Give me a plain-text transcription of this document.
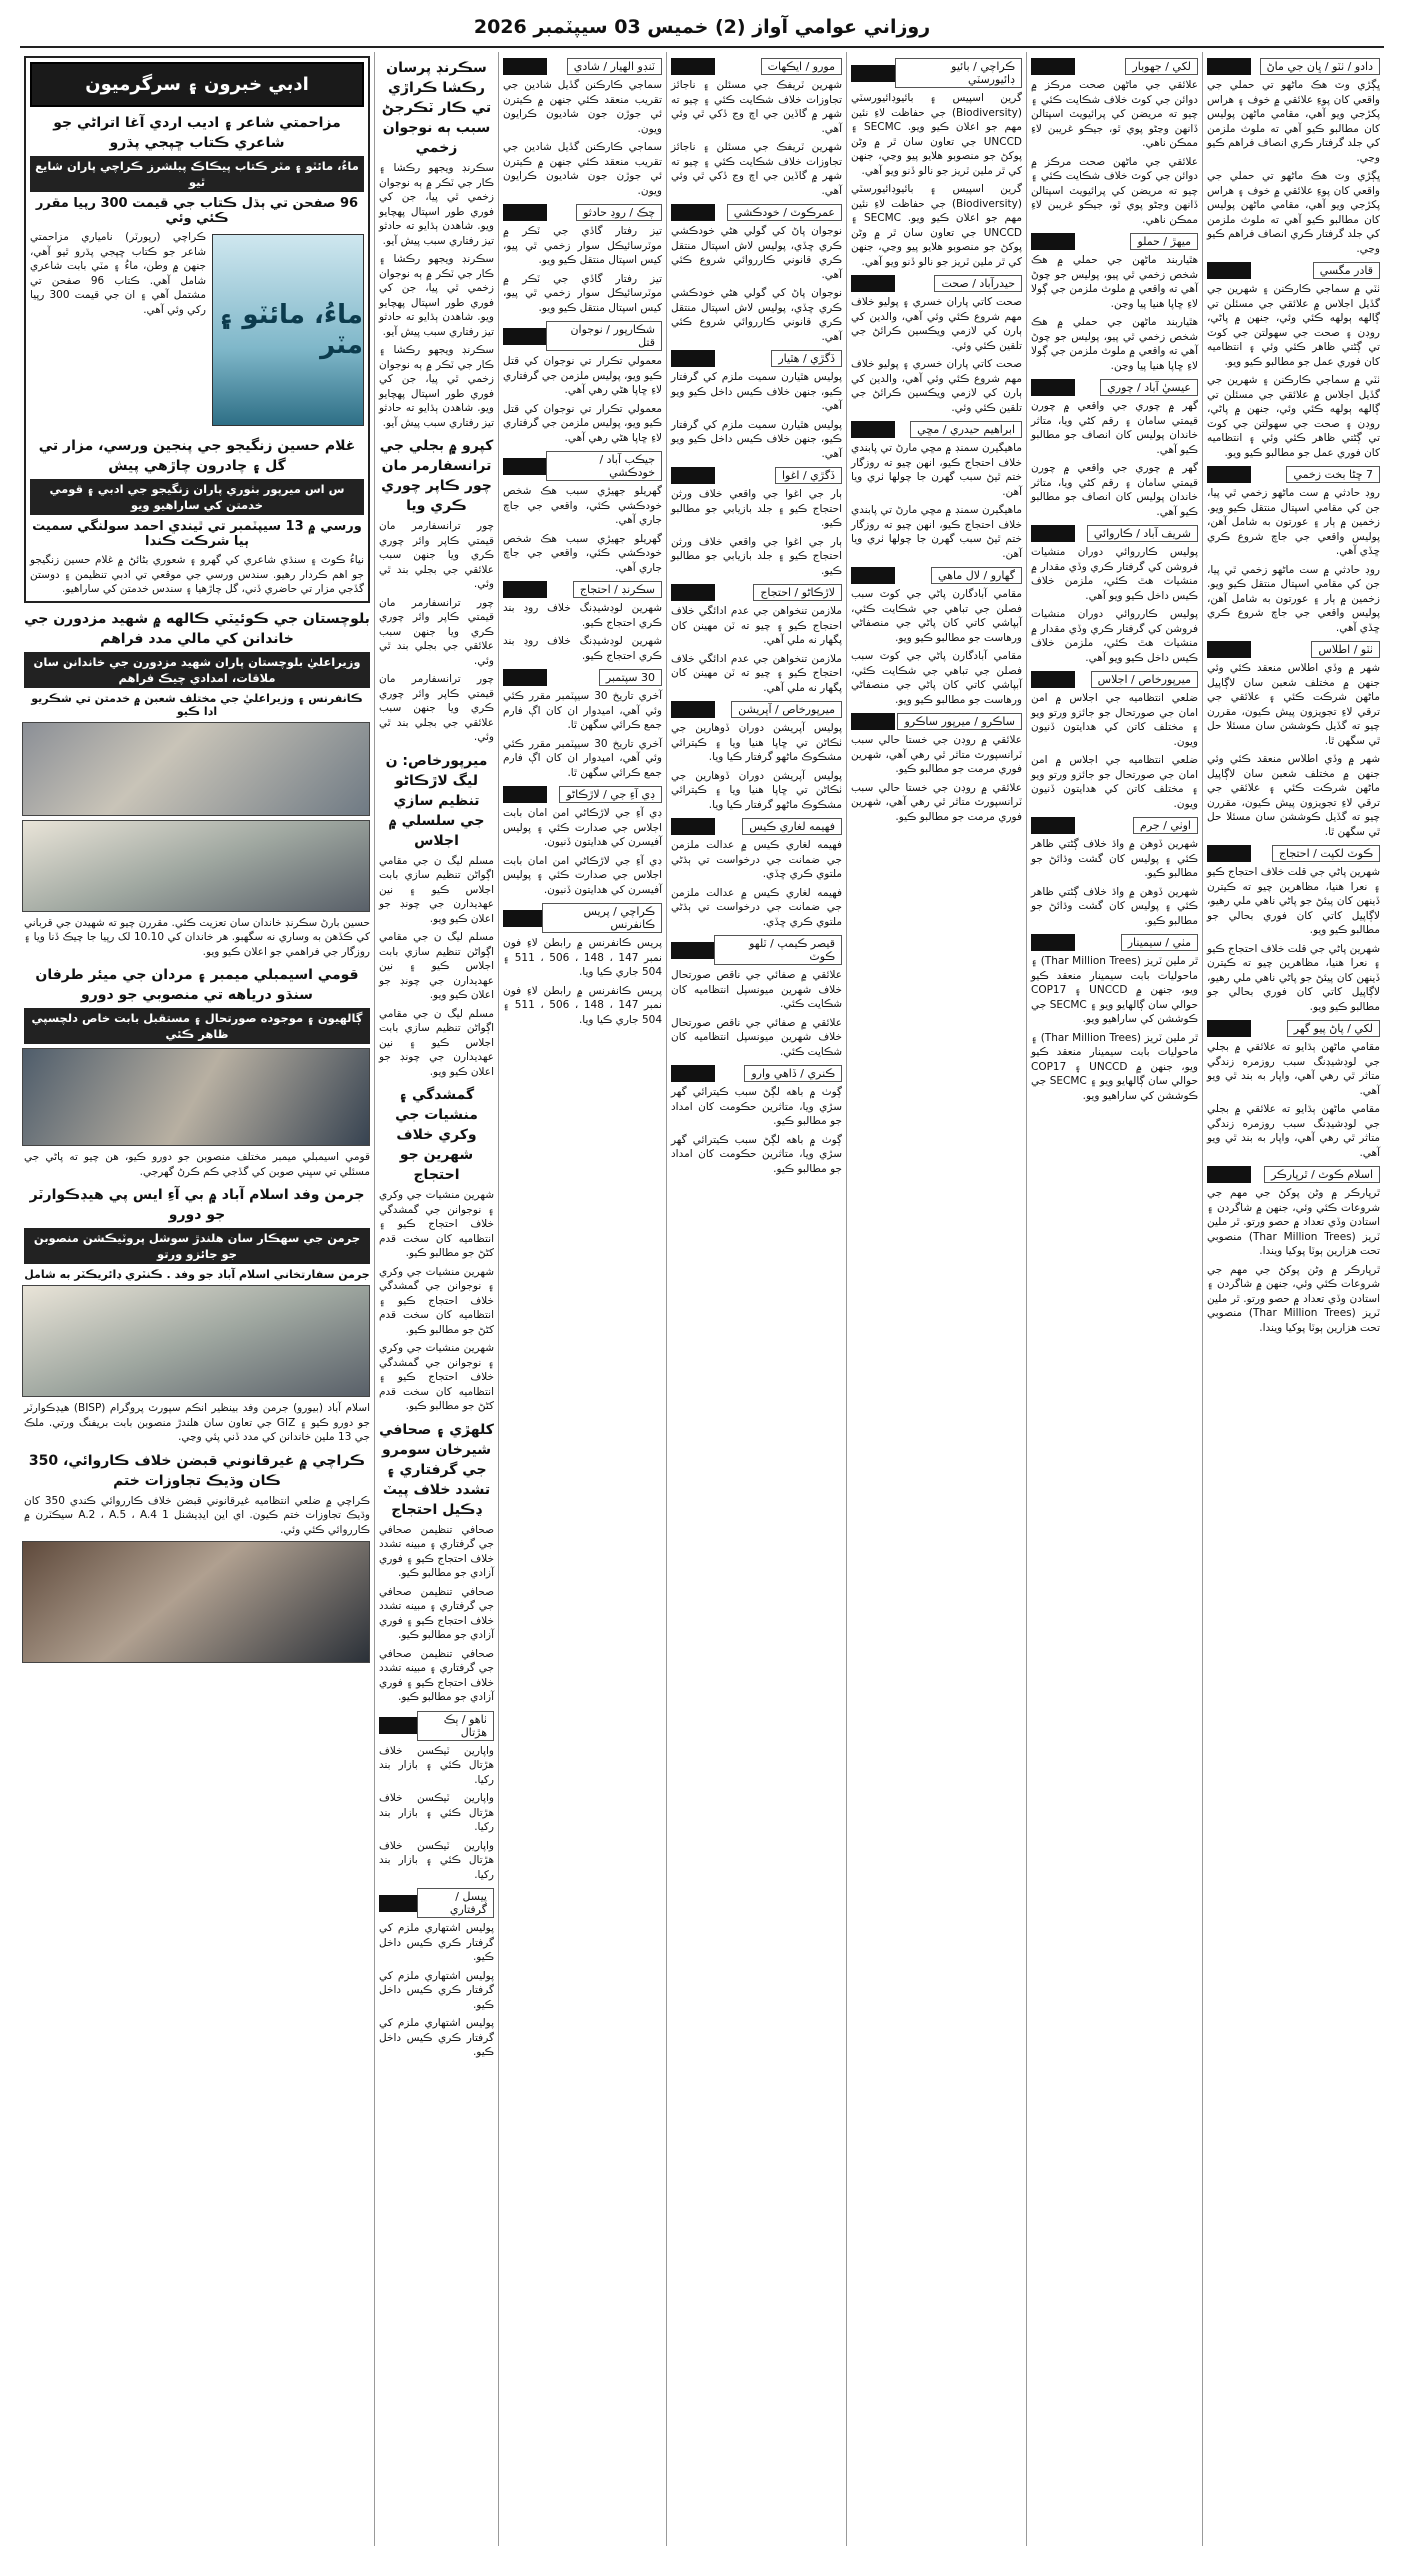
روزاني عوامي آواز (2) خميس 03 سيپٽمبر 2026
دادو / ٺٽو / ڀان جي ماڻ

ڀڳڙي وٽ هڪ ماڻهو تي حملي جي واقعي کان پوءِ علائقي ۾ خوف ۽ هراس پکڙجي ويو آهي، مقامي ماڻهن پوليس کان مطالبو ڪيو آهي ته ملوث ملزمن کي جلد گرفتار ڪري انصاف فراهم ڪيو وڃي.

ڀڳڙي وٽ هڪ ماڻهو تي حملي جي واقعي کان پوءِ علائقي ۾ خوف ۽ هراس پکڙجي ويو آهي، مقامي ماڻهن پوليس کان مطالبو ڪيو آهي ته ملوث ملزمن کي جلد گرفتار ڪري انصاف فراهم ڪيو وڃي.

قادر مگسي

ٺٽي ۾ سماجي ڪارڪنن ۽ شهرين جي گڏيل اجلاس ۾ علائقي جي مسئلن تي ڳالهه ٻولهه ڪئي وئي، جنهن ۾ پاڻي، روڊن ۽ صحت جي سهولتن جي کوٽ تي ڳڻتي ظاهر ڪئي وئي ۽ انتظاميه کان فوري عمل جو مطالبو ڪيو ويو.

ٺٽي ۾ سماجي ڪارڪنن ۽ شهرين جي گڏيل اجلاس ۾ علائقي جي مسئلن تي ڳالهه ٻولهه ڪئي وئي، جنهن ۾ پاڻي، روڊن ۽ صحت جي سهولتن جي کوٽ تي ڳڻتي ظاهر ڪئي وئي ۽ انتظاميه کان فوري عمل جو مطالبو ڪيو ويو.

7 ڇڻا بخت زخمي

روڊ حادثي ۾ ست ماڻهو زخمي ٿي پيا، جن کي مقامي اسپتال منتقل ڪيو ويو. زخمين ۾ ٻار ۽ عورتون به شامل آهن، پوليس واقعي جي جاچ شروع ڪري ڇڏي آهي.

روڊ حادثي ۾ ست ماڻهو زخمي ٿي پيا، جن کي مقامي اسپتال منتقل ڪيو ويو. زخمين ۾ ٻار ۽ عورتون به شامل آهن، پوليس واقعي جي جاچ شروع ڪري ڇڏي آهي.

ٺٽو / اطلاس

شهر ۾ وڏي اطلاس منعقد ڪئي وئي جنهن ۾ مختلف شعبن سان لاڳاپيل ماڻهن شرڪت ڪئي ۽ علائقي جي ترقي لاءِ تجويزون پيش ڪيون، مقررن چيو ته گڏيل ڪوششن سان مسئلا حل ٿي سگهن ٿا.

شهر ۾ وڏي اطلاس منعقد ڪئي وئي جنهن ۾ مختلف شعبن سان لاڳاپيل ماڻهن شرڪت ڪئي ۽ علائقي جي ترقي لاءِ تجويزون پيش ڪيون، مقررن چيو ته گڏيل ڪوششن سان مسئلا حل ٿي سگهن ٿا.

ڪوٽ لکپت / احتجاج

شهرين پاڻي جي قلت خلاف احتجاج ڪيو ۽ نعرا هنيا، مظاهرين چيو ته ڪيترن ڏينهن کان پيئڻ جو پاڻي ناهي ملي رهيو، لاڳاپيل کاتي کان فوري بحالي جو مطالبو ڪيو ويو.

شهرين پاڻي جي قلت خلاف احتجاج ڪيو ۽ نعرا هنيا، مظاهرين چيو ته ڪيترن ڏينهن کان پيئڻ جو پاڻي ناهي ملي رهيو، لاڳاپيل کاتي کان فوري بحالي جو مطالبو ڪيو ويو.

لکي / پاڻ پيو گهر

مقامي ماڻهن ٻڌايو ته علائقي ۾ بجلي جي لوڊشيڊنگ سبب روزمره زندگي متاثر ٿي رهي آهي، واپار به بند ٿي ويو آهي.

مقامي ماڻهن ٻڌايو ته علائقي ۾ بجلي جي لوڊشيڊنگ سبب روزمره زندگي متاثر ٿي رهي آهي، واپار به بند ٿي ويو آهي.

اسلام ڪوٽ / ٿرپارڪر

ٿرپارڪر ۾ وڻن پوکڻ جي مهم جي شروعات ڪئي وئي، جنهن ۾ شاگردن ۽ استادن وڏي تعداد ۾ حصو ورتو. ٿر ملين ٽريز (Thar Million Trees) منصوبي تحت هزارين ٻوٽا پوکيا ويندا.

ٿرپارڪر ۾ وڻن پوکڻ جي مهم جي شروعات ڪئي وئي، جنهن ۾ شاگردن ۽ استادن وڏي تعداد ۾ حصو ورتو. ٿر ملين ٽريز (Thar Million Trees) منصوبي تحت هزارين ٻوٽا پوکيا ويندا.

لکي / جهوبار

علائقي جي ماڻهن صحت مرڪز ۾ دوائن جي کوٽ خلاف شڪايت ڪئي ۽ چيو ته مريضن کي پرائيويٽ اسپتالن ڏانهن وڃڻو پوي ٿو، جيڪو غريبن لاءِ ممڪن ناهي.

علائقي جي ماڻهن صحت مرڪز ۾ دوائن جي کوٽ خلاف شڪايت ڪئي ۽ چيو ته مريضن کي پرائيويٽ اسپتالن ڏانهن وڃڻو پوي ٿو، جيڪو غريبن لاءِ ممڪن ناهي.

ميهڙ / حملو

هٿياربند ماڻهن جي حملي ۾ هڪ شخص زخمي ٿي پيو، پوليس جو چوڻ آهي ته واقعي ۾ ملوث ملزمن جي ڳولا لاءِ ڇاپا هنيا پيا وڃن.

هٿياربند ماڻهن جي حملي ۾ هڪ شخص زخمي ٿي پيو، پوليس جو چوڻ آهي ته واقعي ۾ ملوث ملزمن جي ڳولا لاءِ ڇاپا هنيا پيا وڃن.

عيسيٰ آباد / چوري

گهر ۾ چوري جي واقعي ۾ چورن قيمتي سامان ۽ رقم کڻي ويا، متاثر خاندان پوليس کان انصاف جو مطالبو ڪيو آهي.

گهر ۾ چوري جي واقعي ۾ چورن قيمتي سامان ۽ رقم کڻي ويا، متاثر خاندان پوليس کان انصاف جو مطالبو ڪيو آهي.

شريف آباد / ڪاروائي

پوليس ڪارروائي دوران منشيات فروشن کي گرفتار ڪري وڏي مقدار ۾ منشيات هٿ ڪئي، ملزمن خلاف ڪيس داخل ڪيو ويو آهي.

پوليس ڪارروائي دوران منشيات فروشن کي گرفتار ڪري وڏي مقدار ۾ منشيات هٿ ڪئي، ملزمن خلاف ڪيس داخل ڪيو ويو آهي.

ميرپورخاص / اجلاس

ضلعي انتظاميه جي اجلاس ۾ امن امان جي صورتحال جو جائزو ورتو ويو ۽ مختلف کاتن کي هدايتون ڏنيون ويون.

ضلعي انتظاميه جي اجلاس ۾ امن امان جي صورتحال جو جائزو ورتو ويو ۽ مختلف کاتن کي هدايتون ڏنيون ويون.

اوٺي / جرم

شهرين ڏوهن ۾ واڌ خلاف ڳڻتي ظاهر ڪئي ۽ پوليس کان گشت وڌائڻ جو مطالبو ڪيو.

شهرين ڏوهن ۾ واڌ خلاف ڳڻتي ظاهر ڪئي ۽ پوليس کان گشت وڌائڻ جو مطالبو ڪيو.

مٺي / سيمينار

ٿر ملين ٽريز (Thar Million Trees) ۽ ماحوليات بابت سيمينار منعقد ڪيو ويو، جنهن ۾ UNCCD ۽ COP17 حوالي سان ڳالهايو ويو ۽ SECMC جي ڪوششن کي ساراهيو ويو.

ٿر ملين ٽريز (Thar Million Trees) ۽ ماحوليات بابت سيمينار منعقد ڪيو ويو، جنهن ۾ UNCCD ۽ COP17 حوالي سان ڳالهايو ويو ۽ SECMC جي ڪوششن کي ساراهيو ويو.

ڪراچي / بائيو ڊائيورسٽي

گرين اسپيس ۽ بائيوڊائيورسٽي (Biodiversity) جي حفاظت لاءِ نئين مهم جو اعلان ڪيو ويو. SECMC ۽ UNCCD جي تعاون سان ٿر ۾ وڻن پوکڻ جو منصوبو هلايو پيو وڃي، جنهن کي ٿر ملين ٽريز جو نالو ڏنو ويو آهي.

گرين اسپيس ۽ بائيوڊائيورسٽي (Biodiversity) جي حفاظت لاءِ نئين مهم جو اعلان ڪيو ويو. SECMC ۽ UNCCD جي تعاون سان ٿر ۾ وڻن پوکڻ جو منصوبو هلايو پيو وڃي، جنهن کي ٿر ملين ٽريز جو نالو ڏنو ويو آهي.

حيدرآباد / صحت

صحت کاتي پاران خسري ۽ پوليو خلاف مهم شروع ڪئي وئي آهي، والدين کي ٻارن کي لازمي ويڪسين ڪرائڻ جي تلقين ڪئي وئي.

صحت کاتي پاران خسري ۽ پوليو خلاف مهم شروع ڪئي وئي آهي، والدين کي ٻارن کي لازمي ويڪسين ڪرائڻ جي تلقين ڪئي وئي.

ابراهيم حيدري / مڇي

ماهيگيرن سمنڊ ۾ مڇي مارڻ تي پابندي خلاف احتجاج ڪيو، انهن چيو ته روزگار ختم ٿيڻ سبب گهرن جا چولها ٺري ويا آهن.

ماهيگيرن سمنڊ ۾ مڇي مارڻ تي پابندي خلاف احتجاج ڪيو، انهن چيو ته روزگار ختم ٿيڻ سبب گهرن جا چولها ٺري ويا آهن.

گهارو / لال ماهي

مقامي آبادگارن پاڻي جي کوٽ سبب فصلن جي تباهي جي شڪايت ڪئي، آبپاشي کاتي کان پاڻي جي منصفاڻي ورهاست جو مطالبو ڪيو ويو.

مقامي آبادگارن پاڻي جي کوٽ سبب فصلن جي تباهي جي شڪايت ڪئي، آبپاشي کاتي کان پاڻي جي منصفاڻي ورهاست جو مطالبو ڪيو ويو.

ساڪرو / ميرپور ساڪرو

علائقي ۾ روڊن جي خستا حالي سبب ٽرانسپورٽ متاثر ٿي رهي آهي، شهرين فوري مرمت جو مطالبو ڪيو.

علائقي ۾ روڊن جي خستا حالي سبب ٽرانسپورٽ متاثر ٿي رهي آهي، شهرين فوري مرمت جو مطالبو ڪيو.

مورو / ايڪهات

شهرين ٽريفڪ جي مسئلن ۽ ناجائز تجاوزات خلاف شڪايت ڪئي ۽ چيو ته شهر ۾ گاڏين جي اچ وڃ ڏکي ٿي وئي آهي.

شهرين ٽريفڪ جي مسئلن ۽ ناجائز تجاوزات خلاف شڪايت ڪئي ۽ چيو ته شهر ۾ گاڏين جي اچ وڃ ڏکي ٿي وئي آهي.

عمرڪوٽ / خودڪشي

نوجوان پاڻ کي گولي هڻي خودڪشي ڪري ڇڏي، پوليس لاش اسپتال منتقل ڪري قانوني ڪارروائي شروع ڪئي آهي.

نوجوان پاڻ کي گولي هڻي خودڪشي ڪري ڇڏي، پوليس لاش اسپتال منتقل ڪري قانوني ڪارروائي شروع ڪئي آهي.

ڏگڙي / هٿيار

پوليس هٿيارن سميت ملزم کي گرفتار ڪيو، جنهن خلاف ڪيس داخل ڪيو ويو آهي.

پوليس هٿيارن سميت ملزم کي گرفتار ڪيو، جنهن خلاف ڪيس داخل ڪيو ويو آهي.

ڏگڙي / اغوا

ٻار جي اغوا جي واقعي خلاف ورثن احتجاج ڪيو ۽ جلد بازيابي جو مطالبو ڪيو.

ٻار جي اغوا جي واقعي خلاف ورثن احتجاج ڪيو ۽ جلد بازيابي جو مطالبو ڪيو.

لاڙڪاڻو / احتجاج

ملازمن تنخواهن جي عدم ادائگي خلاف احتجاج ڪيو ۽ چيو ته ٽن مهينن کان پگهار نه ملي آهي.

ملازمن تنخواهن جي عدم ادائگي خلاف احتجاج ڪيو ۽ چيو ته ٽن مهينن کان پگهار نه ملي آهي.

ميرپورخاص / آپريشن

پوليس آپريشن دوران ڏوهارين جي ٺڪاڻن تي ڇاپا هنيا ويا ۽ ڪيترائي مشڪوڪ ماڻهو گرفتار ڪيا ويا.

پوليس آپريشن دوران ڏوهارين جي ٺڪاڻن تي ڇاپا هنيا ويا ۽ ڪيترائي مشڪوڪ ماڻهو گرفتار ڪيا ويا.

فهيمه لغاري ڪيس

فهيمه لغاري ڪيس ۾ عدالت ملزمن جي ضمانت جي درخواست تي ٻڌڻي ملتوي ڪري ڇڏي.

فهيمه لغاري ڪيس ۾ عدالت ملزمن جي ضمانت جي درخواست تي ٻڌڻي ملتوي ڪري ڇڏي.

قيصر ڪيمپ / ٽلهو ڪوٽ

علائقي ۾ صفائي جي ناقص صورتحال خلاف شهرين ميونسپل انتظاميه کان شڪايت ڪئي.

علائقي ۾ صفائي جي ناقص صورتحال خلاف شهرين ميونسپل انتظاميه کان شڪايت ڪئي.

ڪنري / ڏاهي وارو

ڳوٺ ۾ باهه لڳڻ سبب ڪيترائي گهر سڙي ويا، متاثرين حڪومت کان امداد جو مطالبو ڪيو.

ڳوٺ ۾ باهه لڳڻ سبب ڪيترائي گهر سڙي ويا، متاثرين حڪومت کان امداد جو مطالبو ڪيو.

ٽنڊو الهيار / شادي

سماجي ڪارڪنن گڏيل شادين جي تقريب منعقد ڪئي جنهن ۾ ڪيترن ئي جوڙن جون شاديون ڪرايون ويون.

سماجي ڪارڪنن گڏيل شادين جي تقريب منعقد ڪئي جنهن ۾ ڪيترن ئي جوڙن جون شاديون ڪرايون ويون.

چڪ / روڊ حادثو

تيز رفتار گاڏي جي ٽڪر ۾ موٽرسائيڪل سوار زخمي ٿي پيو، کيس اسپتال منتقل ڪيو ويو.

تيز رفتار گاڏي جي ٽڪر ۾ موٽرسائيڪل سوار زخمي ٿي پيو، کيس اسپتال منتقل ڪيو ويو.

شڪارپور / نوجوان قتل

معمولي تڪرار تي نوجوان کي قتل ڪيو ويو، پوليس ملزمن جي گرفتاري لاءِ ڇاپا هڻي رهي آهي.

معمولي تڪرار تي نوجوان کي قتل ڪيو ويو، پوليس ملزمن جي گرفتاري لاءِ ڇاپا هڻي رهي آهي.

جيڪب آباد / خودڪشي

گهريلو جهيڙي سبب هڪ شخص خودڪشي ڪئي، واقعي جي جاچ جاري آهي.

گهريلو جهيڙي سبب هڪ شخص خودڪشي ڪئي، واقعي جي جاچ جاري آهي.

سڪرنڊ / احتجاج

شهرين لوڊشيڊنگ خلاف روڊ بند ڪري احتجاج ڪيو.

شهرين لوڊشيڊنگ خلاف روڊ بند ڪري احتجاج ڪيو.

30 سپتمبر

آخري تاريخ 30 سيپٽمبر مقرر ڪئي وئي آهي، اميدوار ان کان اڳ فارم جمع ڪرائي سگهن ٿا.

آخري تاريخ 30 سيپٽمبر مقرر ڪئي وئي آهي، اميدوار ان کان اڳ فارم جمع ڪرائي سگهن ٿا.

ڊي آءِ جي / لاڙڪاڻو

ڊي آءِ جي لاڙڪاڻي امن امان بابت اجلاس جي صدارت ڪئي ۽ پوليس آفيسرن کي هدايتون ڏنيون.

ڊي آءِ جي لاڙڪاڻي امن امان بابت اجلاس جي صدارت ڪئي ۽ پوليس آفيسرن کي هدايتون ڏنيون.

ڪراچي / پريس ڪانفرنس

پريس ڪانفرنس ۾ رابطن لاءِ فون نمبر 147 ، 148 ، 506 ، 511 ۽ 504 جاري ڪيا ويا.

پريس ڪانفرنس ۾ رابطن لاءِ فون نمبر 147 ، 148 ، 506 ، 511 ۽ 504 جاري ڪيا ويا.

سڪرنڊ پرسان رڪشا ڪراڙي تي ڪار ٽڪرجڻ سبب ٻه نوجوان زخمي

سڪرنڊ ويجهو رڪشا ۽ ڪار جي ٽڪر ۾ ٻه نوجوان زخمي ٿي پيا، جن کي فوري طور اسپتال پهچايو ويو. شاهدن ٻڌايو ته حادثو تيز رفتاري سبب پيش آيو.

سڪرنڊ ويجهو رڪشا ۽ ڪار جي ٽڪر ۾ ٻه نوجوان زخمي ٿي پيا، جن کي فوري طور اسپتال پهچايو ويو. شاهدن ٻڌايو ته حادثو تيز رفتاري سبب پيش آيو.

سڪرنڊ ويجهو رڪشا ۽ ڪار جي ٽڪر ۾ ٻه نوجوان زخمي ٿي پيا، جن کي فوري طور اسپتال پهچايو ويو. شاهدن ٻڌايو ته حادثو تيز رفتاري سبب پيش آيو.

کپرو ۾ بجلي جي ترانسفارمر مان چور ڪاپر چوري ڪري ويا

چور ترانسفارمر مان قيمتي ڪاپر وائر چوري ڪري ويا جنهن سبب علائقي جي بجلي بند ٿي وئي.

چور ترانسفارمر مان قيمتي ڪاپر وائر چوري ڪري ويا جنهن سبب علائقي جي بجلي بند ٿي وئي.

چور ترانسفارمر مان قيمتي ڪاپر وائر چوري ڪري ويا جنهن سبب علائقي جي بجلي بند ٿي وئي.

ميرپورخاص: ن ليگ لاڙڪاڻو تنظيم سازي جي سلسلي ۾ اجلاس

مسلم ليگ ن جي مقامي اڳواڻن تنظيم سازي بابت اجلاس ڪيو ۽ نين عهديدارن جي چونڊ جو اعلان ڪيو ويو.

مسلم ليگ ن جي مقامي اڳواڻن تنظيم سازي بابت اجلاس ڪيو ۽ نين عهديدارن جي چونڊ جو اعلان ڪيو ويو.

مسلم ليگ ن جي مقامي اڳواڻن تنظيم سازي بابت اجلاس ڪيو ۽ نين عهديدارن جي چونڊ جو اعلان ڪيو ويو.

گمشدگي ۽ منشيات جي وکري خلاف شهرين جو احتجاج

شهرين منشيات جي وکري ۽ نوجوانن جي گمشدگي خلاف احتجاج ڪيو ۽ انتظاميه کان سخت قدم کڻڻ جو مطالبو ڪيو.

شهرين منشيات جي وکري ۽ نوجوانن جي گمشدگي خلاف احتجاج ڪيو ۽ انتظاميه کان سخت قدم کڻڻ جو مطالبو ڪيو.

شهرين منشيات جي وکري ۽ نوجوانن جي گمشدگي خلاف احتجاج ڪيو ۽ انتظاميه کان سخت قدم کڻڻ جو مطالبو ڪيو.

کلهڙي ۽ صحافي شيرخان سومرو جي گرفتاري ۽ تشدد خلاف پيٽ ڍڪيل احتجاج

صحافي تنظيمن صحافي جي گرفتاري ۽ مبينه تشدد خلاف احتجاج ڪيو ۽ فوري آزادي جو مطالبو ڪيو.

صحافي تنظيمن صحافي جي گرفتاري ۽ مبينه تشدد خلاف احتجاج ڪيو ۽ فوري آزادي جو مطالبو ڪيو.

صحافي تنظيمن صحافي جي گرفتاري ۽ مبينه تشدد خلاف احتجاج ڪيو ۽ فوري آزادي جو مطالبو ڪيو.

ٺاهو / ٻڪ هڙتال

واپارين ٽيڪسن خلاف هڙتال ڪئي ۽ بازار بند رکيا.

واپارين ٽيڪسن خلاف هڙتال ڪئي ۽ بازار بند رکيا.

واپارين ٽيڪسن خلاف هڙتال ڪئي ۽ بازار بند رکيا.

پيسل / گرفتاري

پوليس اشتهاري ملزم کي گرفتار ڪري ڪيس داخل ڪيو.

پوليس اشتهاري ملزم کي گرفتار ڪري ڪيس داخل ڪيو.

پوليس اشتهاري ملزم کي گرفتار ڪري ڪيس داخل ڪيو.

ادبي خبرون ۽ سرگرميون
مزاحمتي شاعر ۽ اديب اردي آغا اتراڻي جو شاعري ڪتاب ڇپجي پڌرو
ماءُ، مائٽو ۽ مٽر ڪتاب پيڪاڪ پبلشرز ڪراچي پاران شايع ٿيو
96 صفحن تي ٻڌل ڪتاب جي قيمت 300 رپيا مقرر ڪئي وئي
ماءُ، مائٽو ۽ مٽر

ڪراچي (رپورٽر) نامياري مزاحمتي شاعر جو ڪتاب ڇپجي پڌرو ٿيو آهي، جنهن ۾ وطن، ماءُ ۽ مٽي بابت شاعري شامل آهي. ڪتاب 96 صفحن تي مشتمل آهي ۽ ان جي قيمت 300 رپيا رکي وئي آهي.

غلام حسين زنگيجو جي پنجين ورسي، مزار تي گل ۽ چادرون چاڙهي پيش
س اس ميرپور بٺوري پاران زنگيجو جي ادبي ۽ قومي خدمتن کي ساراهيو ويو
ورسي ۾ 13 سيپٽمبر تي ٿيندي احمد سولنگي سميت ٻيا شرڪت ڪندا

نياءُ ڪوٽ ۽ سنڌي شاعري کي گهرو ۽ شعوري بڻائڻ ۾ غلام حسين زنگيجو جو اهم ڪردار رهيو. سندس ورسي جي موقعي تي ادبي تنظيمن ۽ دوستن گڏجي مزار تي حاضري ڏني، گل چاڙهيا ۽ سندس خدمتن کي ساراهيو.

بلوچستان جي ڪوئيٽي ڪالهه ۾ شهيد مزدورن جي خاندانن کي مالي مدد فراهم
وزيراعليٰ بلوچستان پاران شهيد مزدورن جي خاندانن سان ملاقات، امدادي چيڪ فراهم
ڪانفرنس ۽ وزيراعليٰ جي مختلف شعبن ۾ خدمتن تي شڪريو ادا ڪيو

حسين بارڻ سڪرنڊ خاندان سان تعزيت ڪئي. مقررن چيو ته شهيدن جي قرباني کي ڪڏهن به وساري نه سگهبو. هر خاندان کي 10.10 لک رپيا جا چيڪ ڏنا ويا ۽ روزگار جي فراهمي جو اعلان ڪيو ويو.

قومي اسيمبلي ميمبر ۽ مردان جي ميئر طرفان سنڌو درياهه تي منصوبي جو دورو
ڳالهيون ۽ موجوده صورتحال ۽ مستقبل بابت خاص دلچسپي ظاهر ڪئي

قومي اسيمبلي ميمبر مختلف منصوبن جو دورو ڪيو، هن چيو ته پاڻي جي مسئلي تي سڀني صوبن کي گڏجي ڪم ڪرڻ گهرجي.

جرمن وفد اسلام آباد ۾ بي آءِ ايس پي هيڊڪوارٽر جو دورو
جرمن جي سهڪار سان هلندڙ سوشل پروٽيڪشن منصوبن جو جائزو ورتو
جرمن سفارتخاني اسلام آباد جو وفد . ڪنٽري ڊائريڪٽر به شامل

اسلام آباد (بيورو) جرمن وفد بينظير انڪم سپورٽ پروگرام (BISP) هيڊڪوارٽر جو دورو ڪيو ۽ GIZ جي تعاون سان هلندڙ منصوبن بابت بريفنگ ورتي. ملڪ جي 13 ملين خاندانن کي مدد ڏني پئي وڃي.

ڪراچي ۾ غيرقانوني قبضن خلاف ڪاروائي، 350 ڪان وڌيڪ تجاوزات ختم

ڪراچي ۾ ضلعي انتظاميه غيرقانوني قبضن خلاف ڪارروائي ڪندي 350 کان وڌيڪ تجاوزات ختم ڪيون. اي اين ايڊيشنل 1 A.2 ، A.5 ، A.4 سيڪٽرن ۾ ڪارروائي ڪئي وئي.
